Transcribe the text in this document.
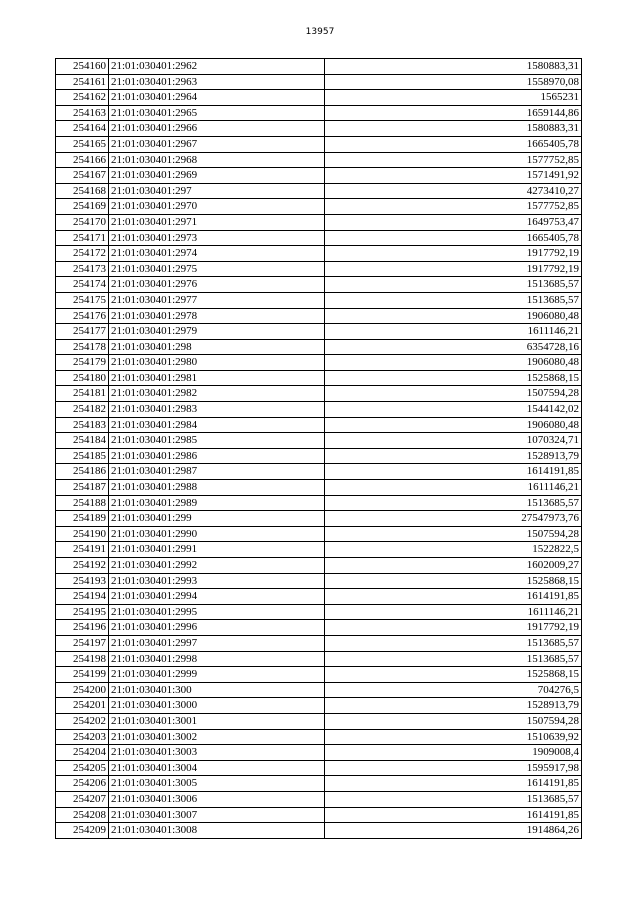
13957
254160	21:01:030401:2962	1580883,31
254161	21:01:030401:2963	1558970,08
254162	21:01:030401:2964	1565231
254163	21:01:030401:2965	1659144,86
254164	21:01:030401:2966	1580883,31
254165	21:01:030401:2967	1665405,78
254166	21:01:030401:2968	1577752,85
254167	21:01:030401:2969	1571491,92
254168	21:01:030401:297	4273410,27
254169	21:01:030401:2970	1577752,85
254170	21:01:030401:2971	1649753,47
254171	21:01:030401:2973	1665405,78
254172	21:01:030401:2974	1917792,19
254173	21:01:030401:2975	1917792,19
254174	21:01:030401:2976	1513685,57
254175	21:01:030401:2977	1513685,57
254176	21:01:030401:2978	1906080,48
254177	21:01:030401:2979	1611146,21
254178	21:01:030401:298	6354728,16
254179	21:01:030401:2980	1906080,48
254180	21:01:030401:2981	1525868,15
254181	21:01:030401:2982	1507594,28
254182	21:01:030401:2983	1544142,02
254183	21:01:030401:2984	1906080,48
254184	21:01:030401:2985	1070324,71
254185	21:01:030401:2986	1528913,79
254186	21:01:030401:2987	1614191,85
254187	21:01:030401:2988	1611146,21
254188	21:01:030401:2989	1513685,57
254189	21:01:030401:299	27547973,76
254190	21:01:030401:2990	1507594,28
254191	21:01:030401:2991	1522822,5
254192	21:01:030401:2992	1602009,27
254193	21:01:030401:2993	1525868,15
254194	21:01:030401:2994	1614191,85
254195	21:01:030401:2995	1611146,21
254196	21:01:030401:2996	1917792,19
254197	21:01:030401:2997	1513685,57
254198	21:01:030401:2998	1513685,57
254199	21:01:030401:2999	1525868,15
254200	21:01:030401:300	704276,5
254201	21:01:030401:3000	1528913,79
254202	21:01:030401:3001	1507594,28
254203	21:01:030401:3002	1510639,92
254204	21:01:030401:3003	1909008,4
254205	21:01:030401:3004	1595917,98
254206	21:01:030401:3005	1614191,85
254207	21:01:030401:3006	1513685,57
254208	21:01:030401:3007	1614191,85
254209	21:01:030401:3008	1914864,26
